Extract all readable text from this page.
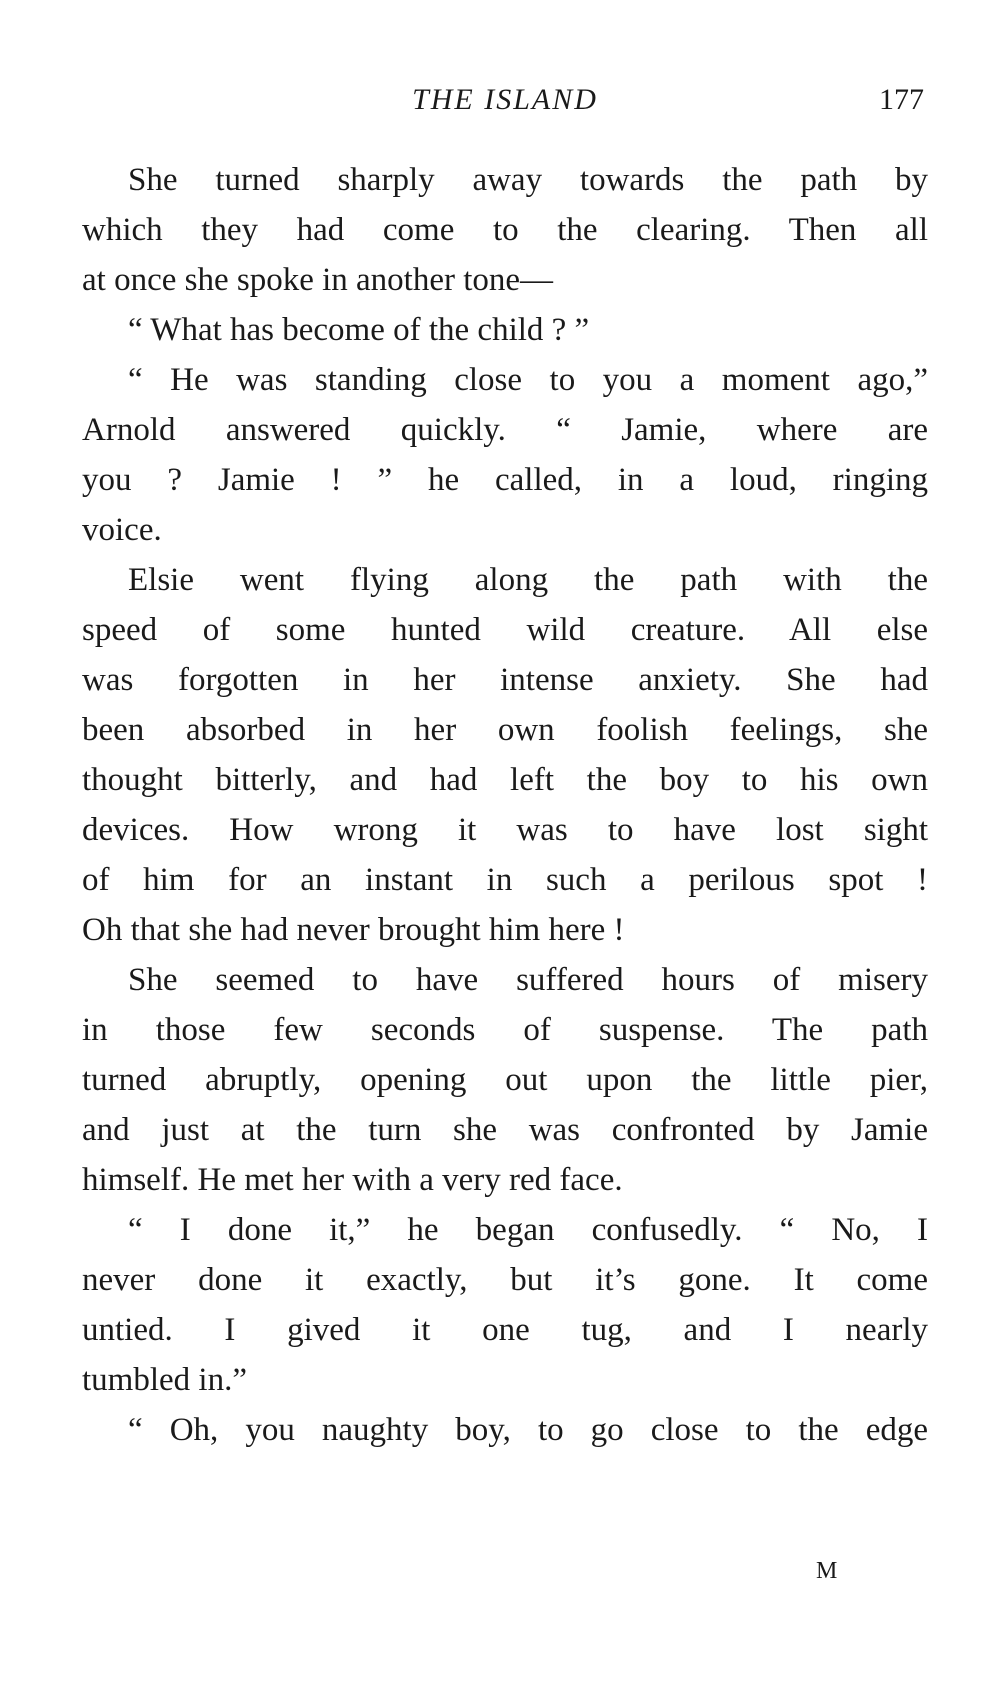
THE ISLAND	177
She turned sharply away towards the path by
which they had come to the clearing. Then all
at once she spoke in another tone—
“ What has become of the child ? ”
“ He was standing close to you a moment ago,”
Arnold answered quickly. “ Jamie, where are
you ? Jamie ! ” he called, in a loud, ringing
voice.
Elsie went flying along the path with the
speed of some hunted wild creature. All else
was forgotten in her intense anxiety. She had
been absorbed in her own foolish feelings, she
thought bitterly, and had left the boy to his own
devices. How wrong it was to have lost sight
of him for an instant in such a perilous spot !
Oh that she had never brought him here !
She seemed to have suffered hours of misery
in those few seconds of suspense. The path
turned abruptly, opening out upon the little pier,
and just at the turn she was confronted by Jamie
himself. He met her with a very red face.
“ I done it,” he began confusedly. “ No, I
never done it exactly, but it’s gone. It come
untied. I gived it one tug, and I nearly
tumbled in.”
“ Oh, you naughty boy, to go close to the edge
M
